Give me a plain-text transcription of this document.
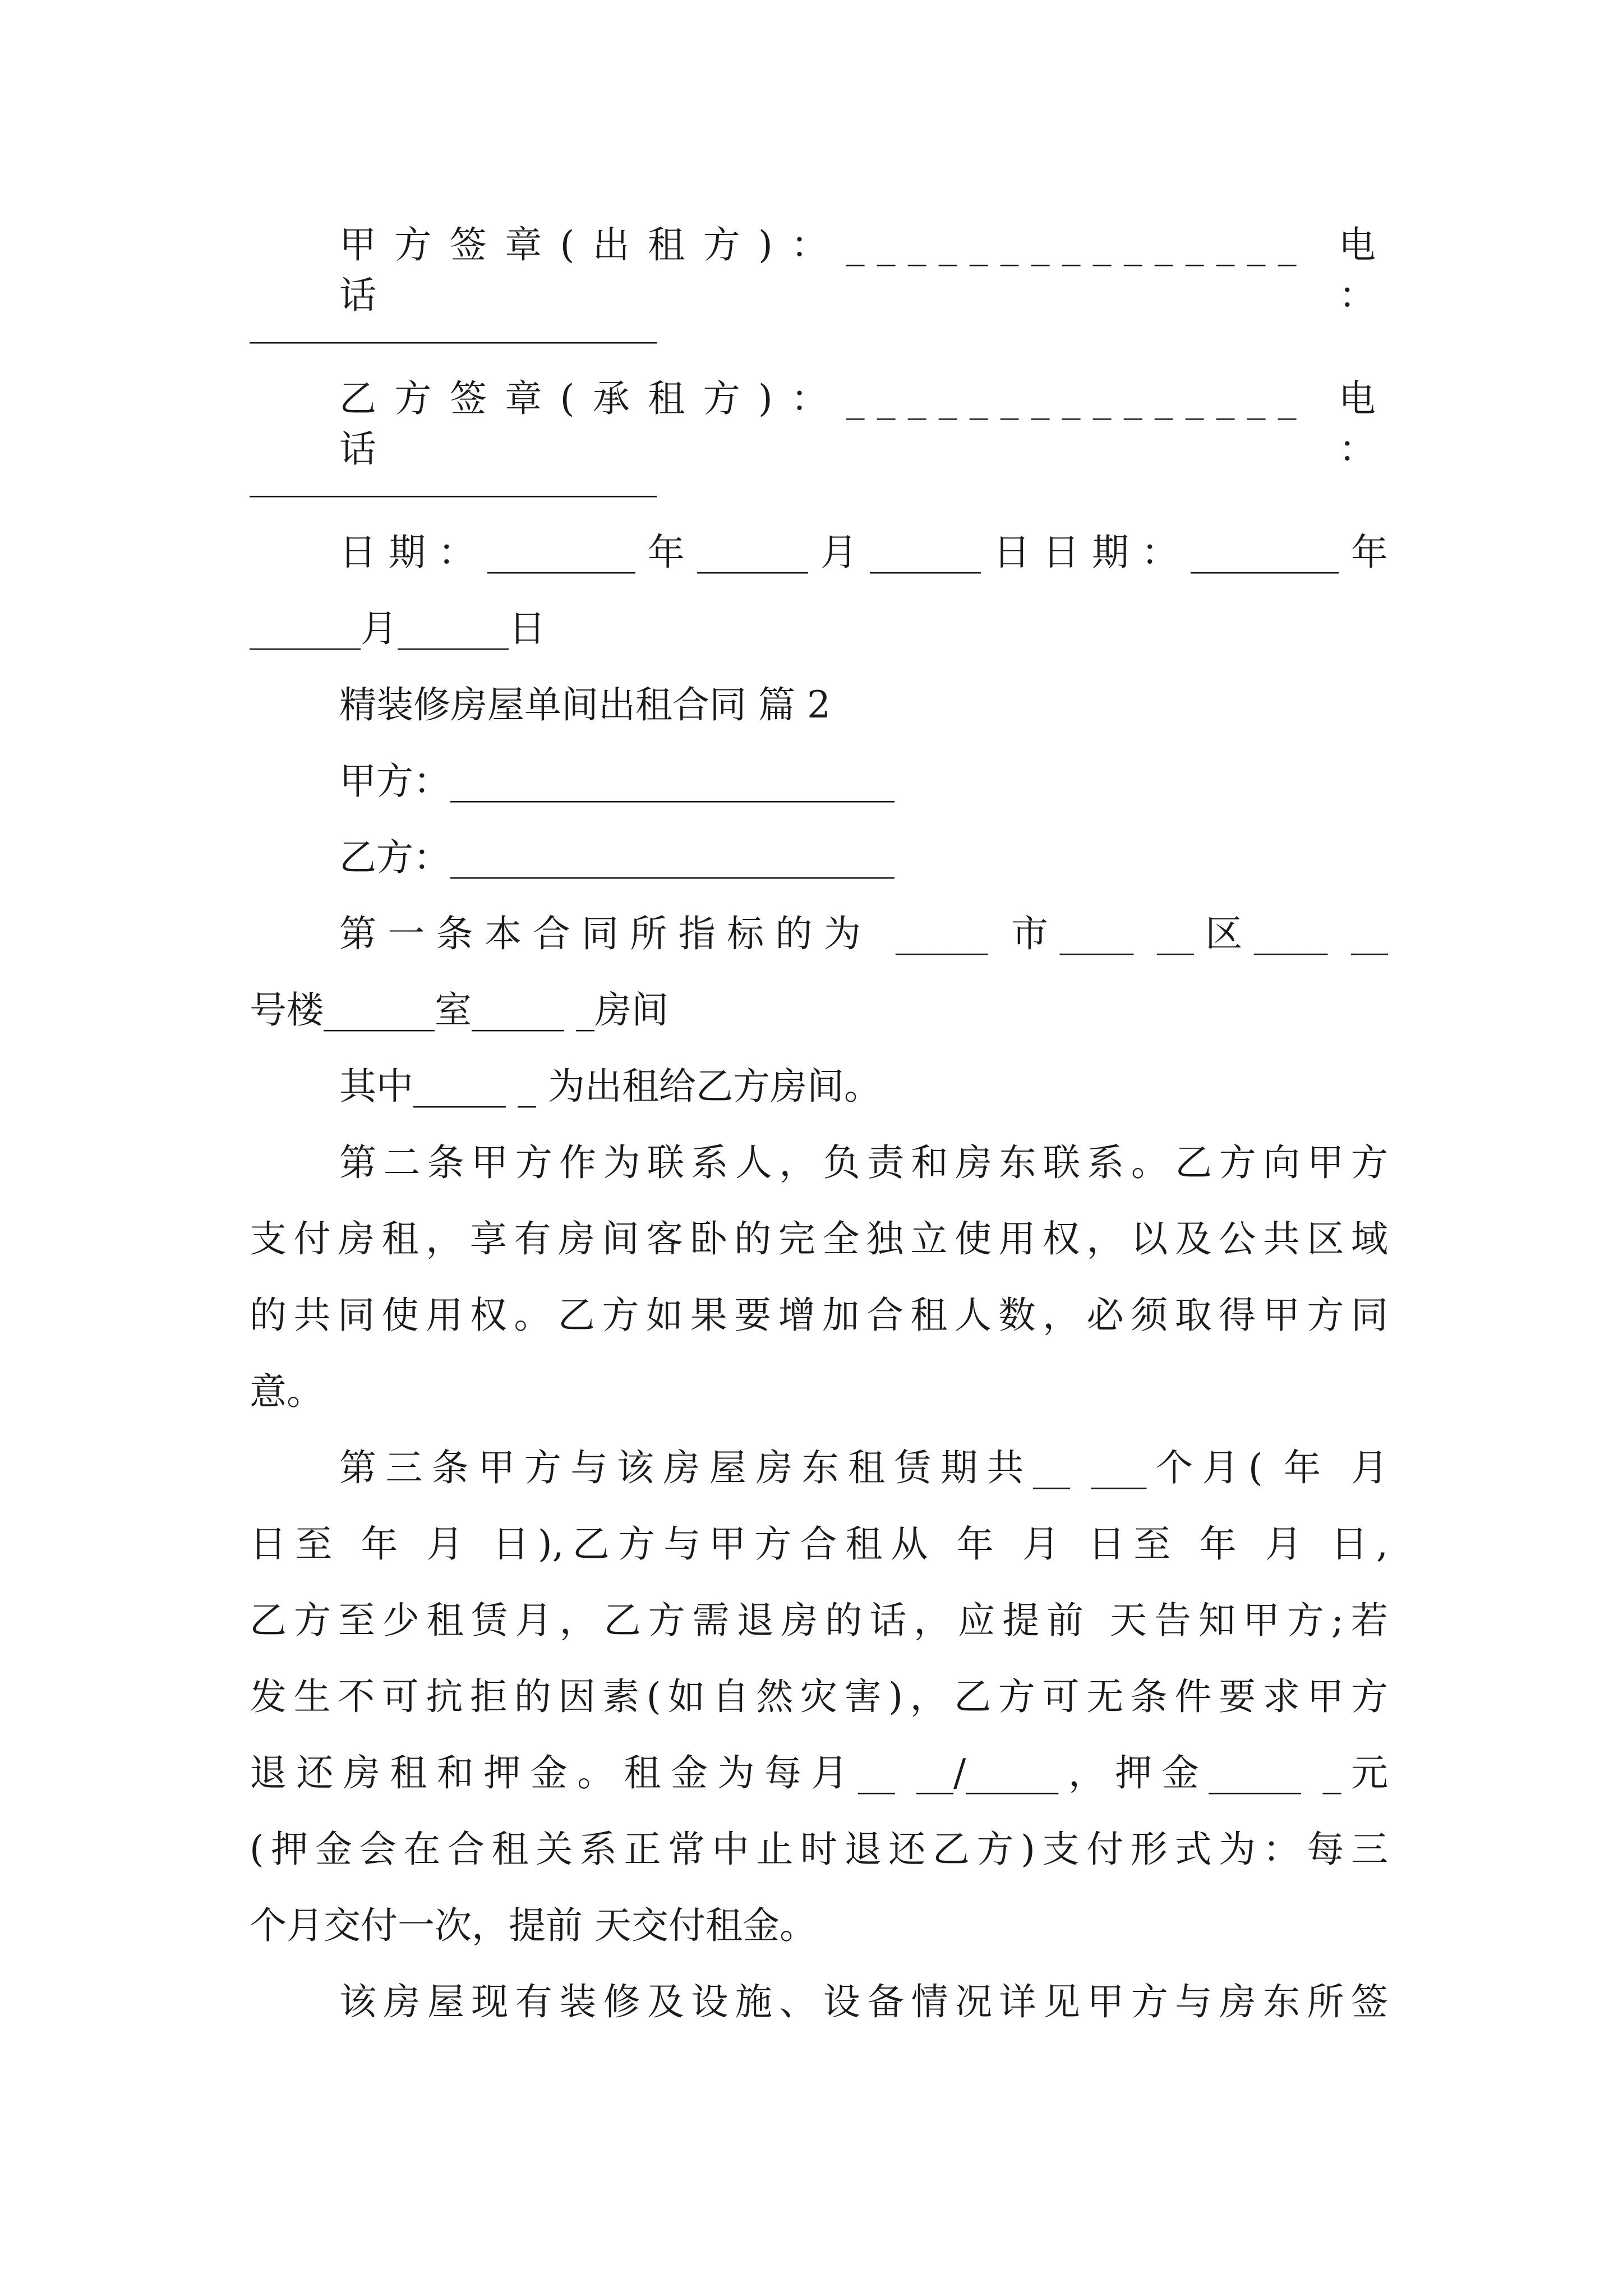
甲方签章(出租方)：_______________ 电话：

______________________

乙方签章(承租方)：_______________ 电话：

______________________

日期：________年______月______日日期：________年

______月______日

精装修房屋单间出租合同 篇 2

甲方：________________________

乙方：________________________

第一条本合同所指标的为 _____ 市____ __区____ __

号楼______室_____ _房间

其中_____ _ 为出租给乙方房间。

第二条甲方作为联系人，负责和房东联系。乙方向甲方

支付房租，享有房间客卧的完全独立使用权，以及公共区域

的共同使用权。乙方如果要增加合租人数，必须取得甲方同

意。

第三条甲方与该房屋房东租赁期共__ ___个月( 年 月

日至 年 月 日),乙方与甲方合租从 年 月 日至 年 月 日,

乙方至少租赁月，乙方需退房的话，应提前 天告知甲方;若

发生不可抗拒的因素(如自然灾害)，乙方可无条件要求甲方

退还房租和押金。租金为每月__ __/_____，押金_____ _元

(押金会在合租关系正常中止时退还乙方)支付形式为：每三

个月交付一次，提前 天交付租金。

该房屋现有装修及设施、设备情况详见甲方与房东所签
